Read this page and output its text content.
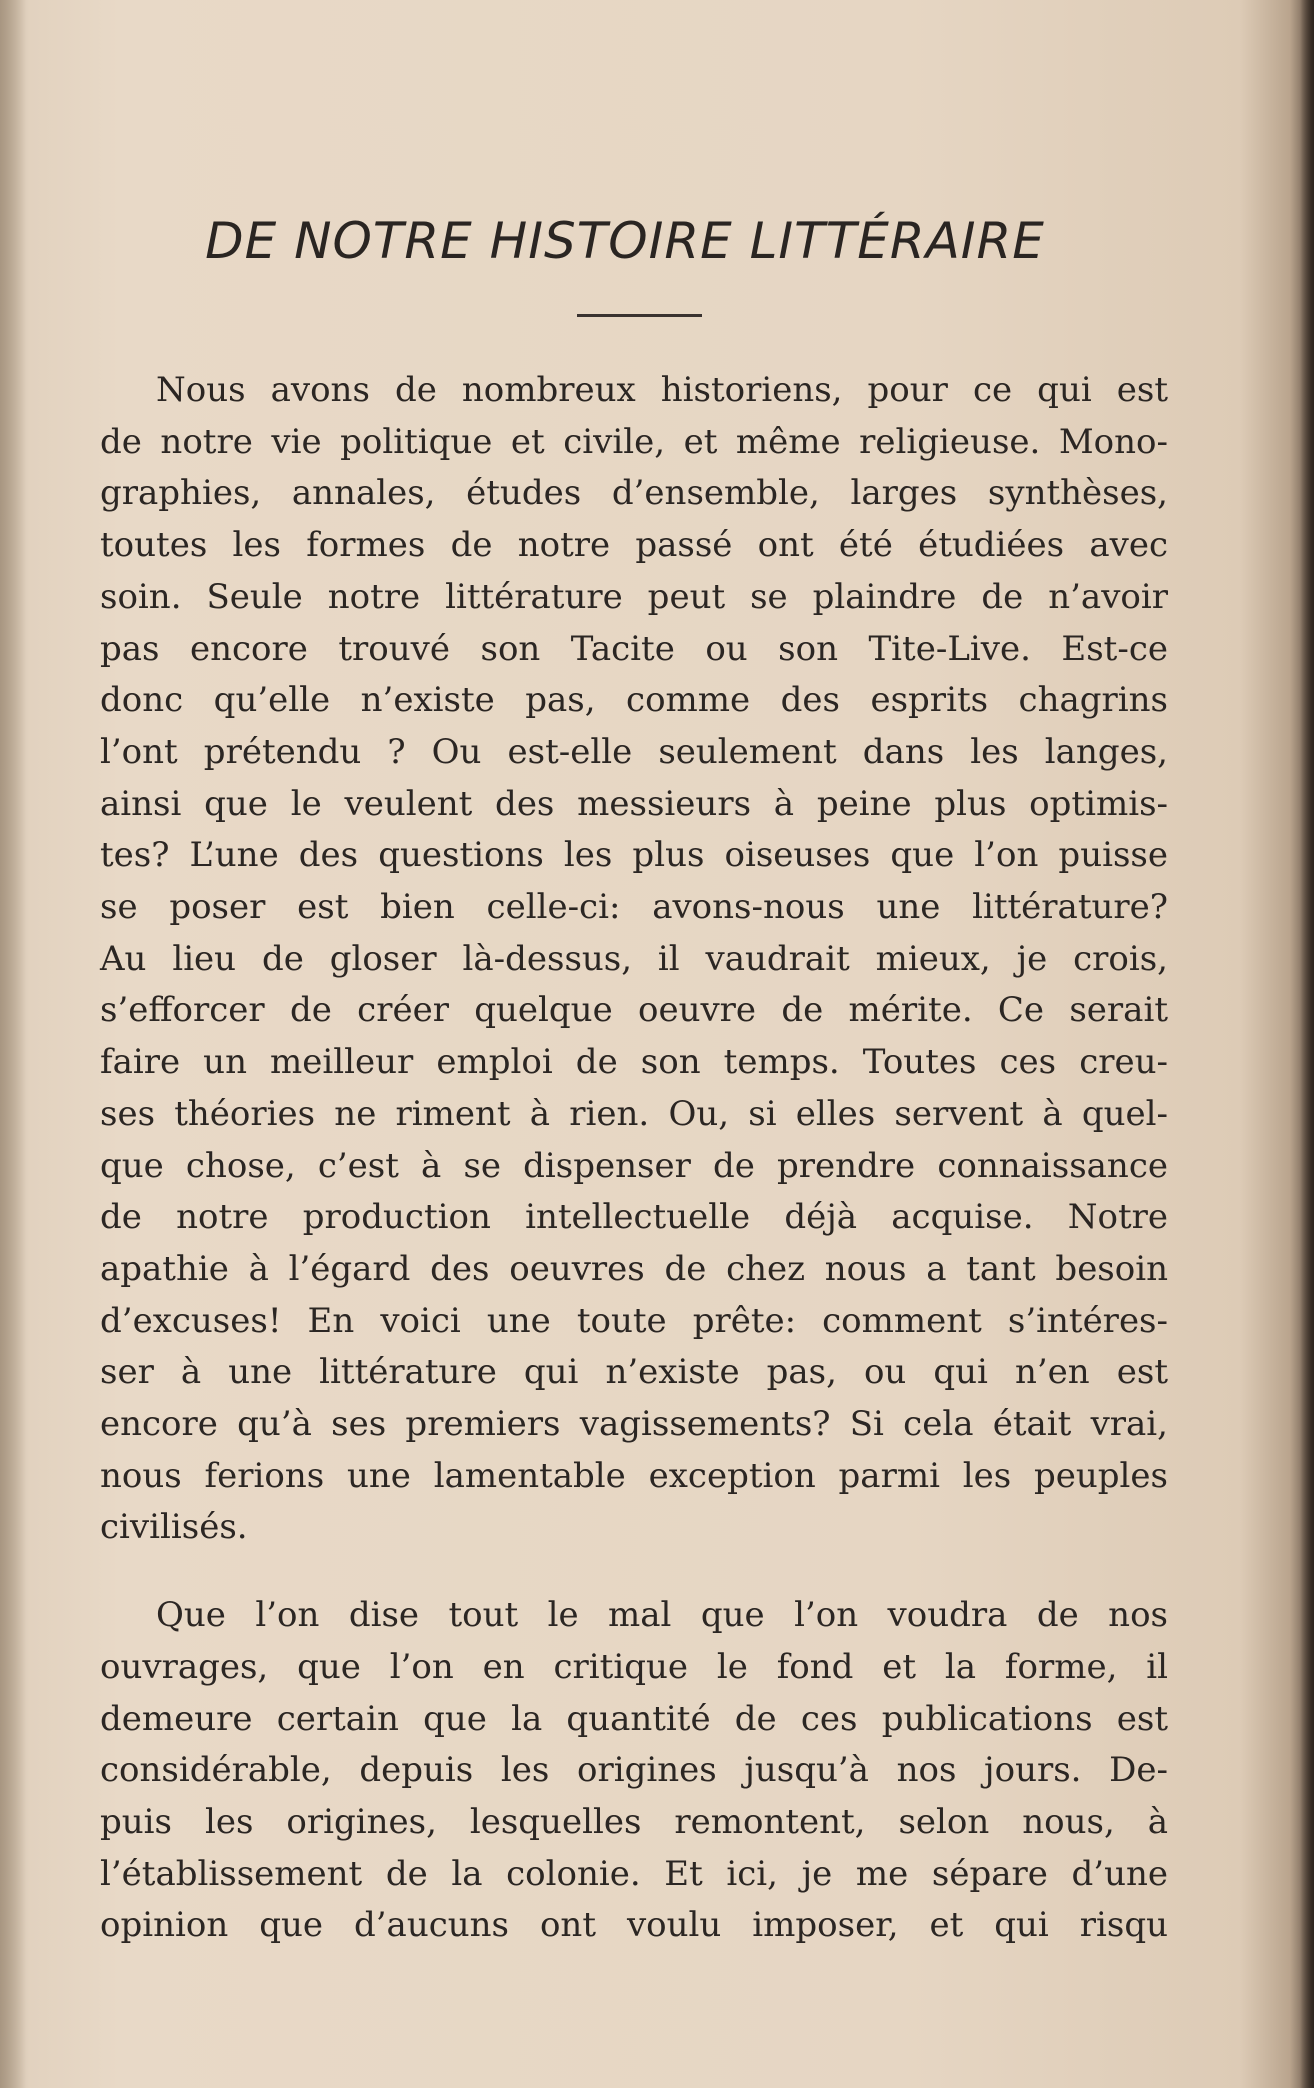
DE NOTRE HISTOIRE LITTÉRAIRE

Nous avons de nombreux historiens, pour ce qui est

de notre vie politique et civile, et même religieuse. Mono-

graphies, annales, études d’ensemble, larges synthèses,

toutes les formes de notre passé ont été étudiées avec

soin. Seule notre littérature peut se plaindre de n’avoir

pas encore trouvé son Tacite ou son Tite-Live. Est-ce

donc qu’elle n’existe pas, comme des esprits chagrins

l’ont prétendu ? Ou est-elle seulement dans les langes,

ainsi que le veulent des messieurs à peine plus optimis-

tes? L’une des questions les plus oiseuses que l’on puisse

se poser est bien celle-ci: avons-nous une littérature?

Au lieu de gloser là-dessus, il vaudrait mieux, je crois,

s’efforcer de créer quelque oeuvre de mérite. Ce serait

faire un meilleur emploi de son temps. Toutes ces creu-

ses théories ne riment à rien. Ou, si elles servent à quel-

que chose, c’est à se dispenser de prendre connaissance

de notre production intellectuelle déjà acquise. Notre

apathie à l’égard des oeuvres de chez nous a tant besoin

d’excuses! En voici une toute prête: comment s’intéres-

ser à une littérature qui n’existe pas, ou qui n’en est

encore qu’à ses premiers vagissements? Si cela était vrai,

nous ferions une lamentable exception parmi les peuples

civilisés.

Que l’on dise tout le mal que l’on voudra de nos

ouvrages, que l’on en critique le fond et la forme, il

demeure certain que la quantité de ces publications est

considérable, depuis les origines jusqu’à nos jours. De-

puis les origines, lesquelles remontent, selon nous, à

l’établissement de la colonie. Et ici, je me sépare d’une

opinion que d’aucuns ont voulu imposer, et qui risqu
